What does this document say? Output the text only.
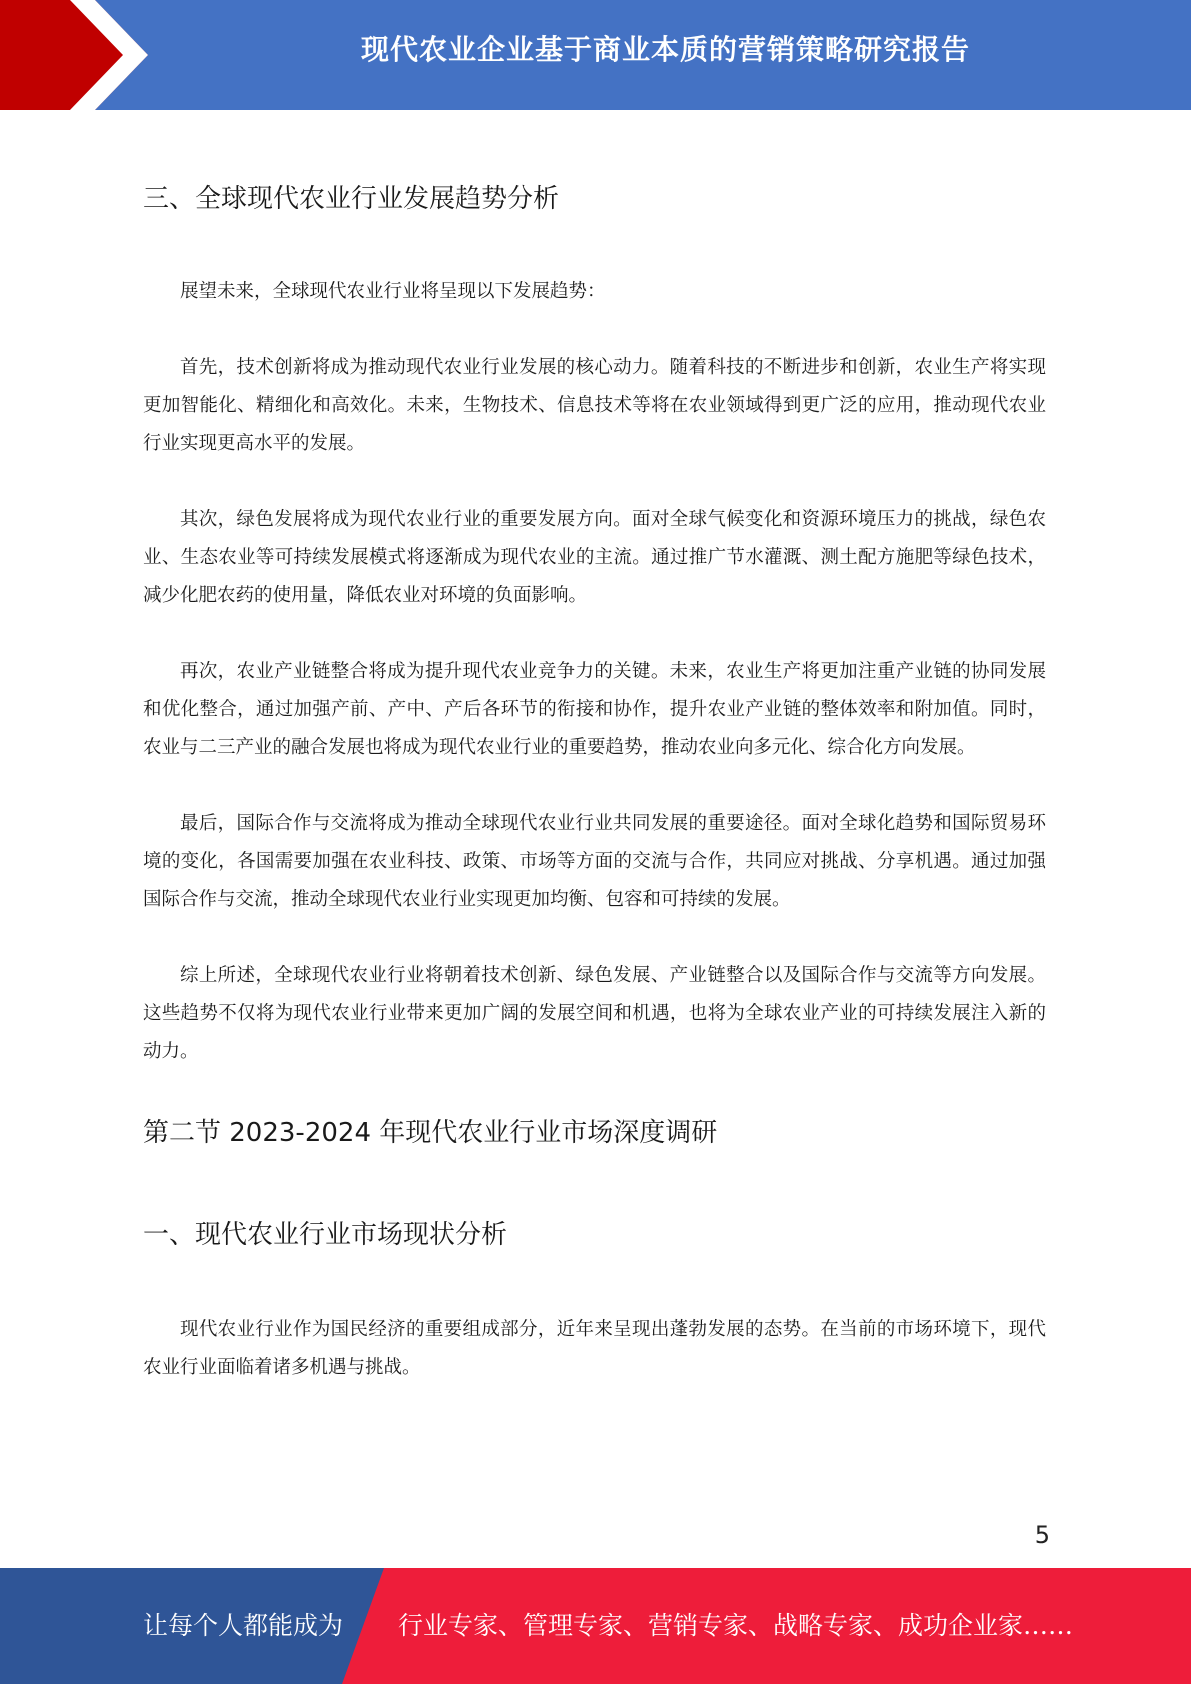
现代农业企业基于商业本质的营销策略研究报告
三、全球现代农业行业发展趋势分析

展望未来，全球现代农业行业将呈现以下发展趋势：

首先，技术创新将成为推动现代农业行业发展的核心动力。随着科技的不断进步和创新，农业生产将实现更加智能化、精细化和高效化。未来，生物技术、信息技术等将在农业领域得到更广泛的应用，推动现代农业行业实现更高水平的发展。

其次，绿色发展将成为现代农业行业的重要发展方向。面对全球气候变化和资源环境压力的挑战，绿色农业、生态农业等可持续发展模式将逐渐成为现代农业的主流。通过推广节水灌溉、测土配方施肥等绿色技术，减少化肥农药的使用量，降低农业对环境的负面影响。

再次，农业产业链整合将成为提升现代农业竞争力的关键。未来，农业生产将更加注重产业链的协同发展和优化整合，通过加强产前、产中、产后各环节的衔接和协作，提升农业产业链的整体效率和附加值。同时，农业与二三产业的融合发展也将成为现代农业行业的重要趋势，推动农业向多元化、综合化方向发展。

最后，国际合作与交流将成为推动全球现代农业行业共同发展的重要途径。面对全球化趋势和国际贸易环境的变化，各国需要加强在农业科技、政策、市场等方面的交流与合作，共同应对挑战、分享机遇。通过加强国际合作与交流，推动全球现代农业行业实现更加均衡、包容和可持续的发展。

综上所述，全球现代农业行业将朝着技术创新、绿色发展、产业链整合以及国际合作与交流等方向发展。这些趋势不仅将为现代农业行业带来更加广阔的发展空间和机遇，也将为全球农业产业的可持续发展注入新的动力。

第二节 2023-2024 年现代农业行业市场深度调研
一、现代农业行业市场现状分析

现代农业行业作为国民经济的重要组成部分，近年来呈现出蓬勃发展的态势。在当前的市场环境下，现代农业行业面临着诸多机遇与挑战。

5
让每个人都能成为 行业专家、管理专家、营销专家、战略专家、成功企业家……
